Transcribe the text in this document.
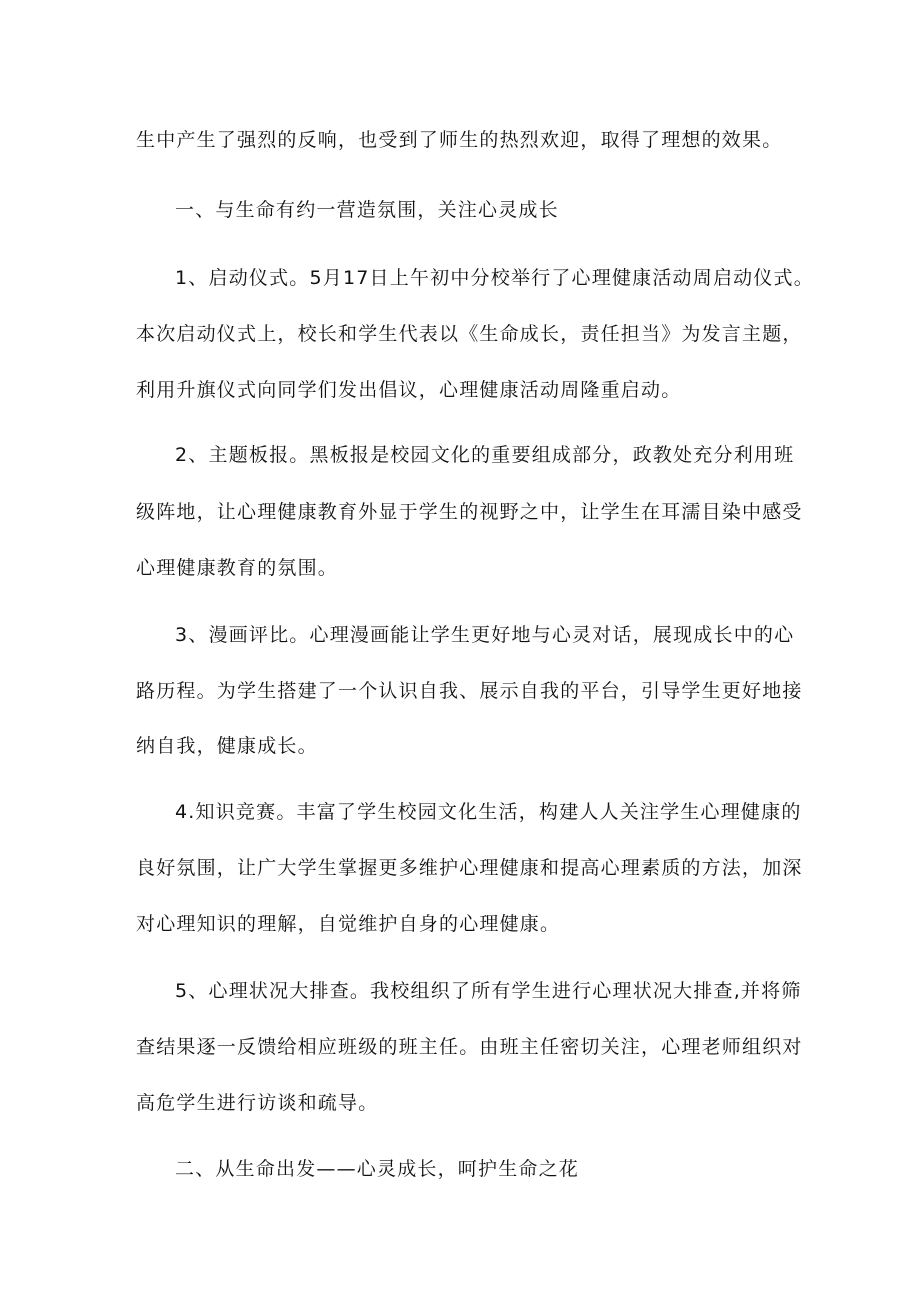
生中产生了强烈的反响，也受到了师生的热烈欢迎，取得了理想的效果。
一、与生命有约一营造氛围，关注心灵成长
1、启动仪式。5月17日上午初中分校举行了心理健康活动周启动仪式。
本次启动仪式上，校长和学生代表以《生命成长，责任担当》为发言主题，
利用升旗仪式向同学们发出倡议，心理健康活动周隆重启动。
2、主题板报。黑板报是校园文化的重要组成部分，政教处充分利用班
级阵地，让心理健康教育外显于学生的视野之中，让学生在耳濡目染中感受
心理健康教育的氛围。
3、漫画评比。心理漫画能让学生更好地与心灵对话，展现成长中的心
路历程。为学生搭建了一个认识自我、展示自我的平台，引导学生更好地接
纳自我，健康成长。
4.知识竞赛。丰富了学生校园文化生活，构建人人关注学生心理健康的
良好氛围，让广大学生掌握更多维护心理健康和提高心理素质的方法，加深
对心理知识的理解，自觉维护自身的心理健康。
5、心理状况大排查。我校组织了所有学生进行心理状况大排查,并将筛
查结果逐一反馈给相应班级的班主任。由班主任密切关注，心理老师组织对
高危学生进行访谈和疏导。
二、从生命出发——心灵成长，呵护生命之花
